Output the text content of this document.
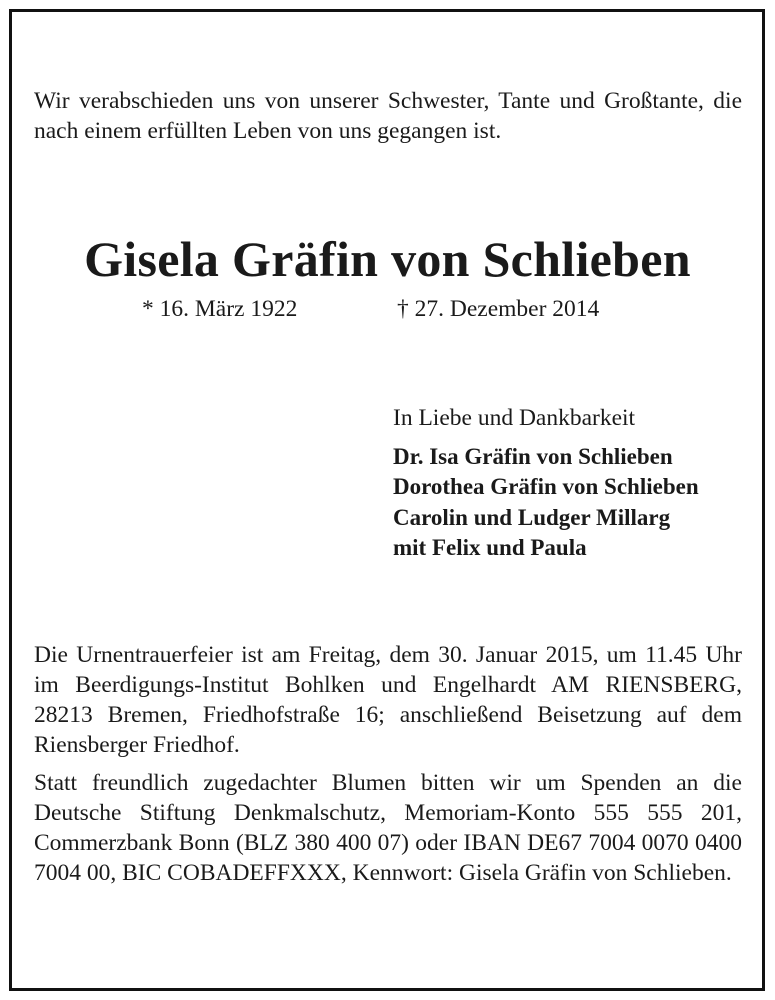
Wir verabschieden uns von unserer Schwester, Tante und Großtante, die nach einem erfüllten Leben von uns gegangen ist.

Gisela Gräfin von Schlieben
* 16. März 1922	† 27. Dezember 2014
In Liebe und Dankbarkeit
Dr. Isa Gräfin von Schlieben
Dorothea Gräfin von Schlieben
Carolin und Ludger Millarg
mit Felix und Paula

Die Urnentrauerfeier ist am Freitag, dem 30. Januar 2015, um 11.45 Uhr im Beerdigungs-Institut Bohlken und Engelhardt AM RIENSBERG, 28213 Bremen, Friedhofstraße 16; anschließend Beisetzung auf dem Riensberger Friedhof.

Statt freundlich zugedachter Blumen bitten wir um Spenden an die Deutsche Stiftung Denkmalschutz, Memoriam-Konto 555 555 201, Commerzbank Bonn (BLZ 380 400 07) oder IBAN DE67 7004 0070 0400 7004 00, BIC COBADEFFXXX, Kennwort: Gisela Gräfin von Schlieben.
